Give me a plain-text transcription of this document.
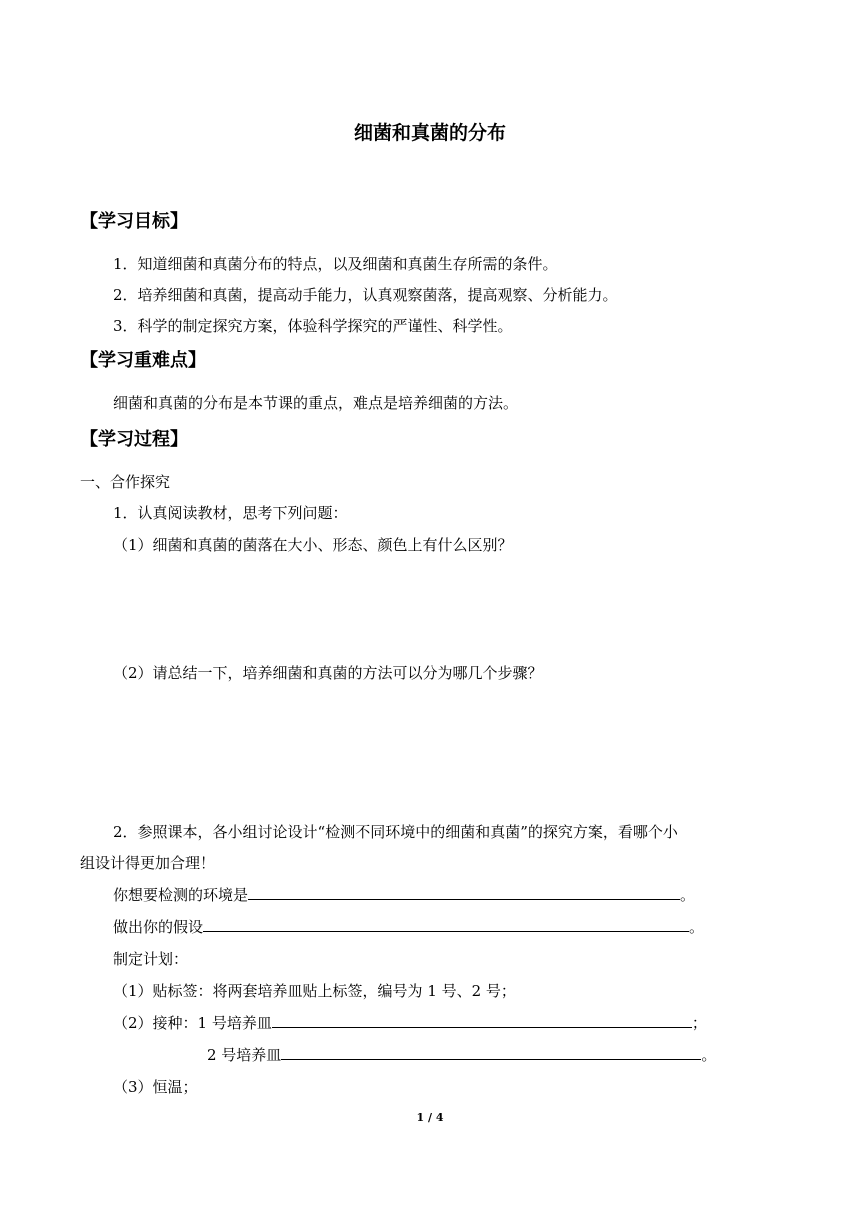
细菌和真菌的分布
【学习目标】
1．知道细菌和真菌分布的特点，以及细菌和真菌生存所需的条件。
2．培养细菌和真菌，提高动手能力，认真观察菌落，提高观察、分析能力。
3．科学的制定探究方案，体验科学探究的严谨性、科学性。
【学习重难点】
细菌和真菌的分布是本节课的重点，难点是培养细菌的方法。
【学习过程】
一、合作探究
1．认真阅读教材，思考下列问题：
（1）细菌和真菌的菌落在大小、形态、颜色上有什么区别？
（2）请总结一下，培养细菌和真菌的方法可以分为哪几个步骤？
2．参照课本，各小组讨论设计“检测不同环境中的细菌和真菌”的探究方案，看哪个小
组设计得更加合理！
你想要检测的环境是	。
做出你的假设	。
制定计划：
（1）贴标签：将两套培养皿贴上标签，编号为 1 号、2 号；
（2）接种：1 号培养皿	；
2 号培养皿	。
（3）恒温；
1 / 4
